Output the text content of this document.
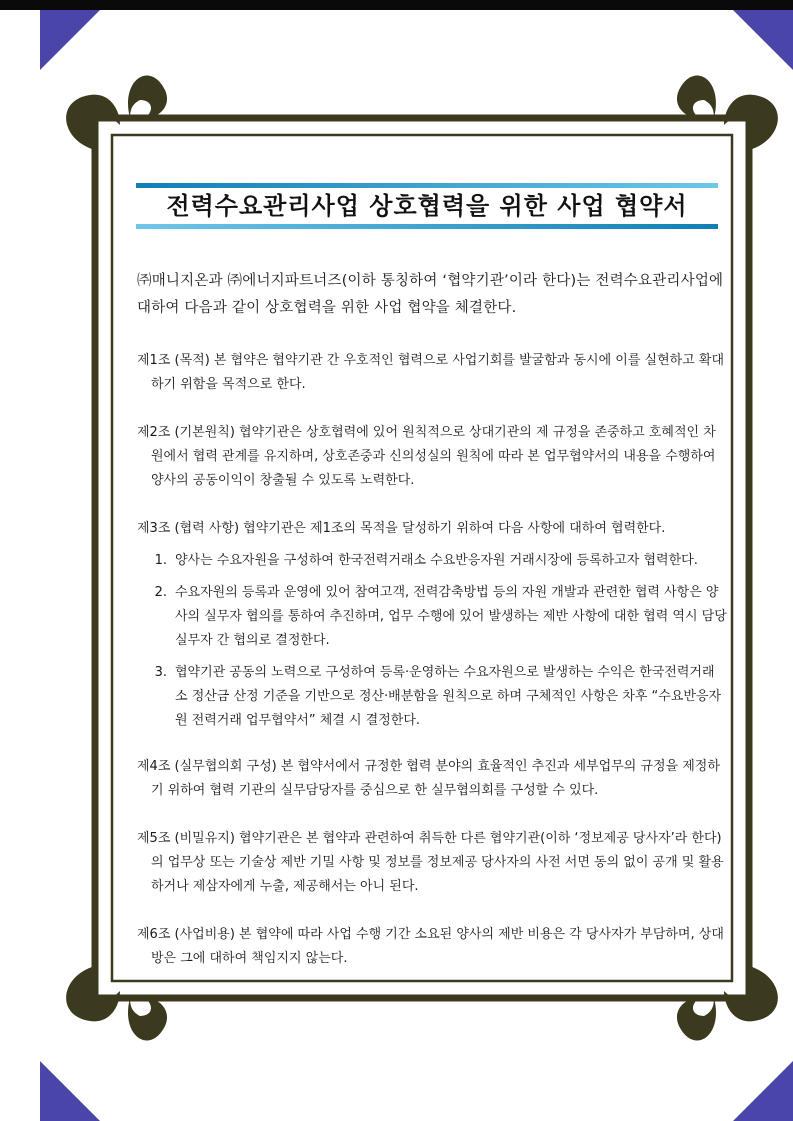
전력수요관리사업 상호협력을 위한 사업 협약서

㈜매니지온과 ㈜에너지파트너즈(이하 통칭하여 ‘협약기관’이라 한다)는 전력수요관리사업에 대하여 다음과 같이 상호협력을 위한 사업 협약을 체결한다.

제1조 (목적) 본 협약은 협약기관 간 우호적인 협력으로 사업기회를 발굴함과 동시에 이를 실현하고 확대하기 위함을 목적으로 한다.
제2조 (기본원칙) 협약기관은 상호협력에 있어 원칙적으로 상대기관의 제 규정을 존중하고 호혜적인 차원에서 협력 관계를 유지하며, 상호존중과 신의성실의 원칙에 따라 본 업무협약서의 내용을 수행하여 양사의 공동이익이 창출될 수 있도록 노력한다.
제3조 (협력 사항) 협약기관은 제1조의 목적을 달성하기 위하여 다음 사항에 대하여 협력한다.
1. 양사는 수요자원을 구성하여 한국전력거래소 수요반응자원 거래시장에 등록하고자 협력한다.
2. 수요자원의 등록과 운영에 있어 참여고객, 전력감축방법 등의 자원 개발과 관련한 협력 사항은 양사의 실무자 협의를 통하여 추진하며, 업무 수행에 있어 발생하는 제반 사항에 대한 협력 역시 담당 실무자 간 협의로 결정한다.
3. 협약기관 공동의 노력으로 구성하여 등록·운영하는 수요자원으로 발생하는 수익은 한국전력거래소 정산금 산정 기준을 기반으로 정산·배분함을 원칙으로 하며 구체적인 사항은 차후 “수요반응자원 전력거래 업무협약서” 체결 시 결정한다.
제4조 (실무협의회 구성) 본 협약서에서 규정한 협력 분야의 효율적인 추진과 세부업무의 규정을 제정하기 위하여 협력 기관의 실무담당자를 중심으로 한 실무협의회를 구성할 수 있다.
제5조 (비밀유지) 협약기관은 본 협약과 관련하여 취득한 다른 협약기관(이하 ‘정보제공 당사자’라 한다)의 업무상 또는 기술상 제반 기밀 사항 및 정보를 정보제공 당사자의 사전 서면 동의 없이 공개 및 활용하거나 제삼자에게 누출, 제공해서는 아니 된다.
제6조 (사업비용) 본 협약에 따라 사업 수행 기간 소요된 양사의 제반 비용은 각 당사자가 부담하며, 상대방은 그에 대하여 책임지지 않는다.
